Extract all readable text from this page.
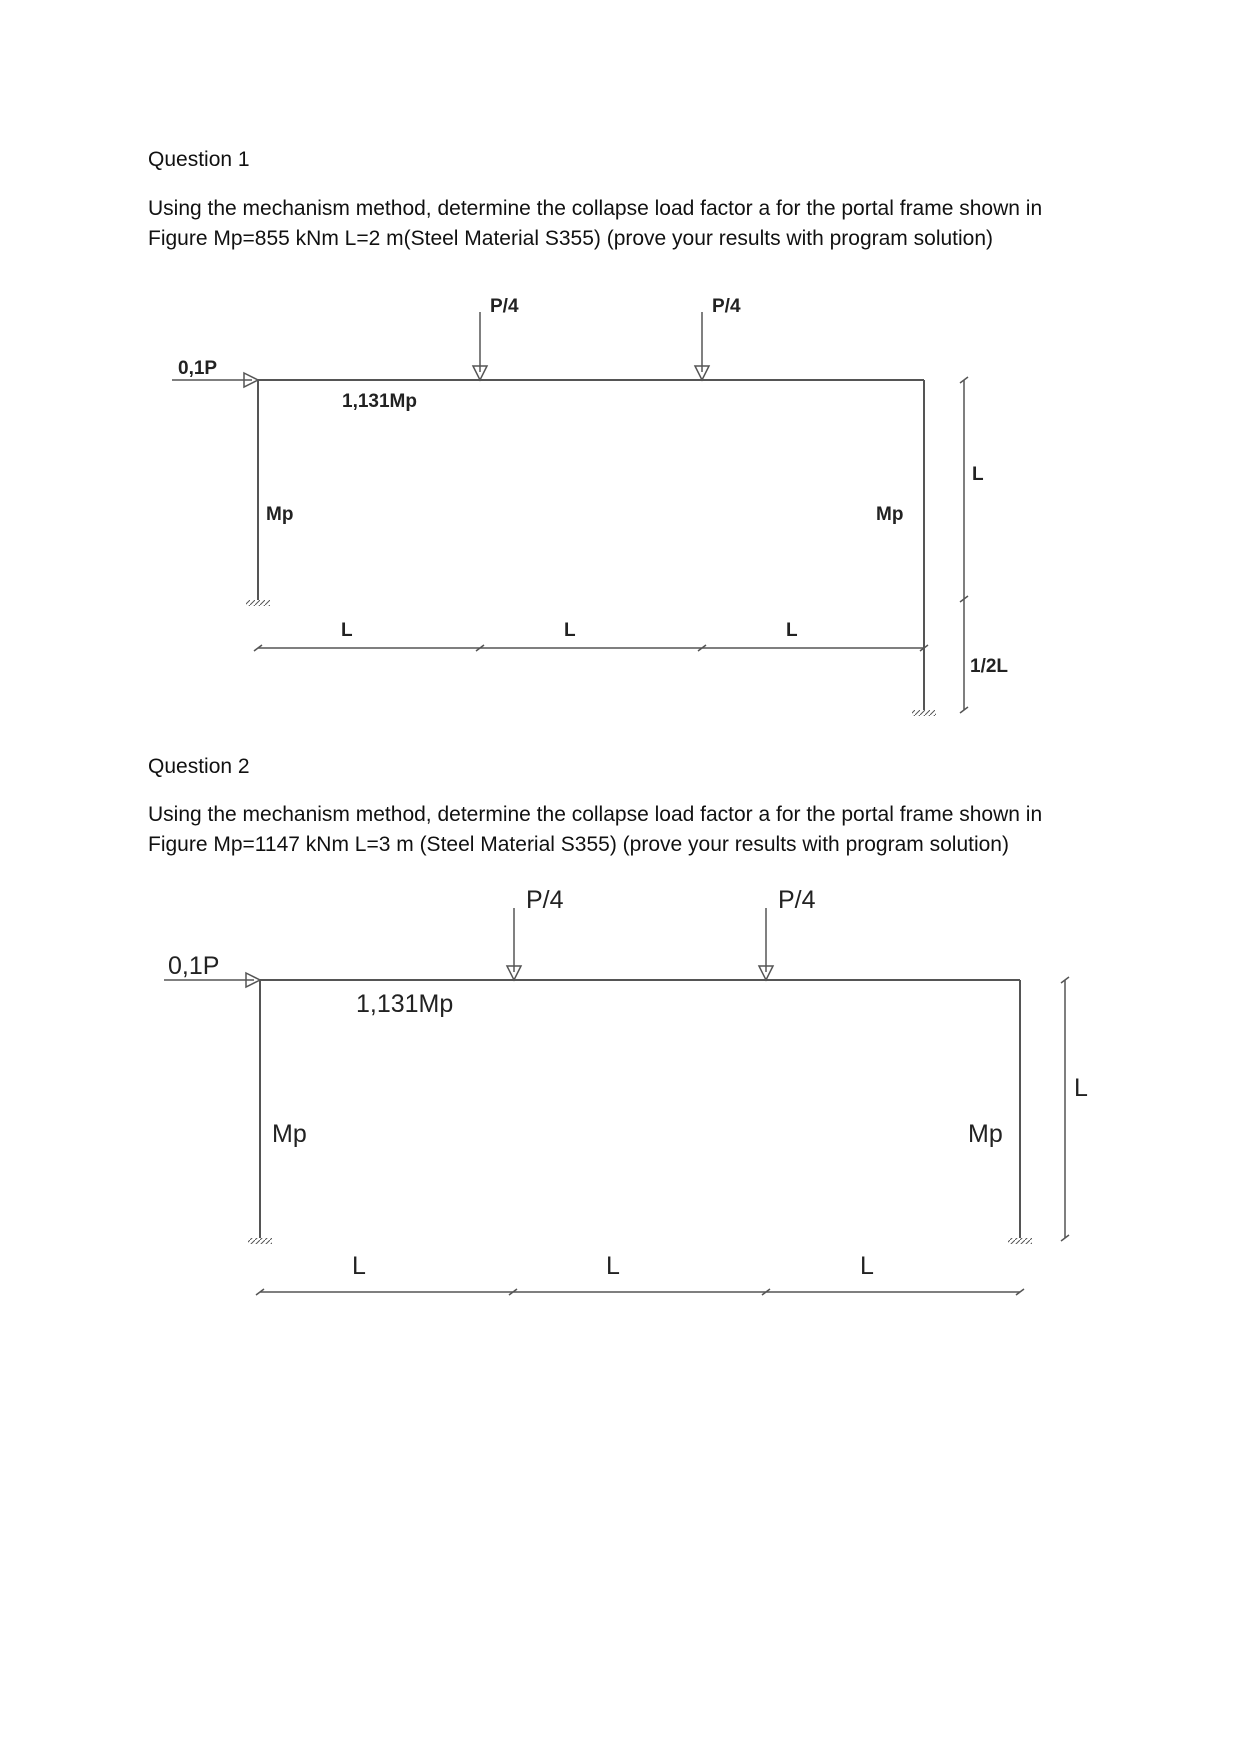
Question 1

Using the mechanism method, determine the collapse load factor a for the portal frame shown in

Figure Mp=855 kNm L=2 m(Steel Material S355) (prove your results with program solution)

0,1P
P/4	P/4
1,131Mp
Mp	Mp
L	L	L
L
1/2L
Question 2

Using the mechanism method, determine the collapse load factor a for the portal frame shown in

Figure Mp=1147 kNm L=3 m (Steel Material S355) (prove your results with program solution)

0,1P
P/4	P/4
1,131Mp
Mp	Mp
L	L	L
L
